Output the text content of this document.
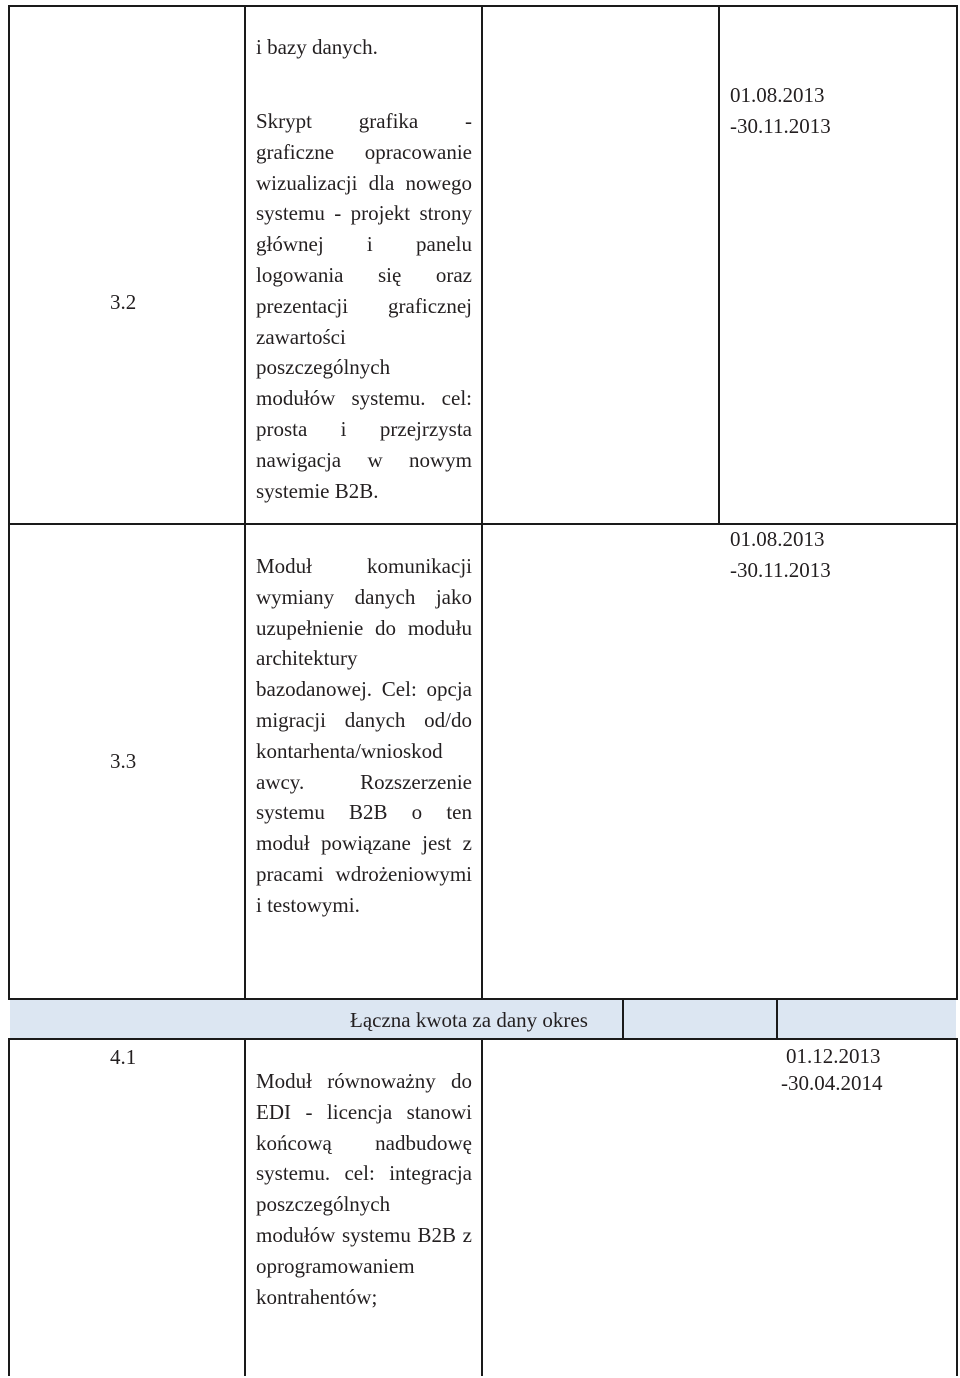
i bazy danych.
3.2
Skrypt grafika - graficzne opracowanie wizualizacji dla nowego systemu - projekt strony głównej i panelu logowania się oraz prezentacji graficznej zawartości poszczególnych modułów systemu. cel: prosta i przejrzysta nawigacja w nowym systemie B2B.
01.08.2013
-30.11.2013
3.3
Moduł komunikacji wymiany danych jako uzupełnienie do modułu architektury bazodanowej. Cel: opcja migracji danych od/do kontarhenta/wnioskod awcy. Rozszerzenie systemu B2B o ten moduł powiązane jest z pracami wdrożeniowymi i testowymi.
01.08.2013
-30.11.2013
Łączna kwota za dany okres
4.1
Moduł równoważny do EDI - licencja stanowi końcową nadbudowę systemu. cel: integracja poszczególnych modułów systemu B2B z oprogramowaniem kontrahentów;
01.12.2013
-30.04.2014
